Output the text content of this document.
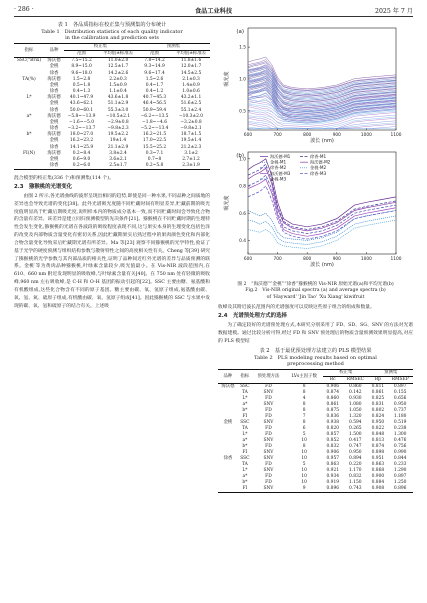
· 286 ·	食品工业科技	2025 年 7 月
表 1　各品质指标在校正集与预测集的分布统计
Table 1　Distribution statistics of each quality indicator
in the calibration and prediction sets
指标	品种	校正集		预测集	
		范围	平均值±标准差	范围	平均值±标准差
SSC(°Brix)	海沃德	7.5~15.2	11.0±2.0	7.8~14.2	11.8±1.6
	金桃	8.9~15.0	12.5±1.7	9.3~14.9	12.0±1.7
	徐香	9.6~18.0	14.2±2.6	9.6~17.4	14.5±2.5
TA(%)	海沃德	1.5~2.8	2.2±0.3	1.5~2.6	2.1±0.3
	金桃	0.5~1.8	1.5±0.9	0.4~1.7	1.4±0.9
	徐香	0.4~1.3	1.1±0.4	0.4~1.2	1.0±0.6
L*	海沃德	40.1~47.9	43.6±1.8	40.7~45.3	43.2±1.1
	金桃	43.6~62.1	51.1±2.9	46.4~56.5	51.6±2.5
	徐香	50.0~60.1	55.3±3.0	50.9~59.4	55.1±2.4
a*	海沃德	−5.8~−13.9	−10.5±2.1	−6.2~−13.5	−10.3±2.0
	金桃	−1.6~−5.0	−2.9±0.8	−1.8~−4.6	−3.2±0.8
	徐香	−3.2~−13.7	−9.8±2.3	−5.2~−13.4	−9.8±2.1
b*	海沃德	18.0~27.0	19.5±2.2	16.2~21.5	18.7±1.5
	金桃	16.2~23.2	19±1.4	17.0~22.5	19.5±1.4
	徐香	14.1~25.9	21.1±2.9	15.5~25.2	21.2±2.3
FI(N)	海沃德	0.2~8.4	3.8±2.4	0.3~7.1	3.1±2
	金桃	0.6~9.0	3.6±2.1	0.7~8	2.7±1.2
	徐香	0.2~6.0	2.5±1.7	0.2~5.8	2.3±1.9
混合模型的校正集(336 个)和预测集(114 个)。
2.3　猕猴桃的光谱变化

由图 2 所示,各光谱曲线的波形呈现出相同的趋势,即使是同一种水果,不同品种之间质地的差异也会导致光谱的变化[38]。此外光谱吸光度随不同贮藏时间有明显差异,贮藏前期的吸光度值明显高于贮藏后期吸光度,说明样本内的物质成分基本一致,而不同贮藏时间会导致化合物的含量有差异。该差异是建立同归预测模型的先决条件[21]。猕猴桃在不同贮藏时期的生理特性会发生变化,猕猴桃的光谱在各波段的吸收程度表现不同,这与果实本身的生理变化包括色泽的改变及内部物质含量变化有密切关系,因此贮藏期果实后熟过程中的果肉颜色变化和内部化合物含量变化导致采后贮藏期光谱有所差异。Ma 等[23] 观察不同猕猴桃的光学特性,验证了基于光学的硬度预测与组织结构参数与散射特性之间的高度相关性有关。Cheng 等[39] 研究了猕猴桃的光学参数与其内部品质的相关性,证明了品种间近红外光谱的差异与品质预测的联系。金桃′等为黄肉品种猕猴桃,叶绿素含量较少,吸光值最小。在 Vis-NIR 波段范围内,在 610、660 nm 附近发现明显的吸收峰,与叶绿素含量有关[40]。在 750 nm 处有轻微的吸收峰,960 nm 左右吸收峰,是 C-H 和 O-H 基团的振动引起的[22]。SSC 主要由糖、氨基酸和有机酸组成,这些化合物含有不同的原子基团。糖主要由碳、氧、氢原子组成,氨基酸由碳、氧、氢、氮、硫原子组成,有机酸由碳、氧、氢原子组成[41]。因此猕猴桃的 SSC 与水果中发现的碳、氧、氢和硫原子的结合有关。上述吸

(a)
吸光度
0.5
1.0
1.5
600	700	800	900	1000	1100
波长 (nm)
(b)
吸光度
0.4
0.6
0.8
1.0
600	700	800	900	1000	1100
波长 (nm)
海沃德-M1	徐香-M1
金桃-M1	海沃德-M2
徐香-M2	金桃-M2
海沃德-M3	徐香-M3
金桃-M3
图 2　“海沃德”“金桃”“徐香”猕猴桃的 Vis-NIR 原始光谱(a)和平均光谱(b)
Fig.2　Vis-NIR original spectra (a) and average spectra (b)
of 'Hayward' 'Jin Tao' 'Xu Xiang' kiwifruit
收峰及其附近波长范围内的光谱强度可以反映这些原子组合的组成和数量。
2.4　光谱预处理方式的选择

为了确定较好的光谱预处理方式,本研究分别采用了 FD、SD、SG、SNV 的方法对光谱数据建模。通过比较分析可得,经过 FD 和 SNV 预处理后的物质含量预测效果明显提高,对应的 PLS 模型结

表 2　基于最优预处理方法建立的 PLS 模型结果
Table 2　PLS modeling results based on optimal
preprocessing method
品种	指标	预处理方法	LVs主因子数	校正集		预测集	
				Rc	RMSEC	Rp	RMSEP
海沃德	SSC	FD	8	0.906	0.860	0.811	0.897
	TA	SNV	8	0.874	0.142	0.861	0.155
	L*	FD	4	0.860	0.930	0.825	0.656
	a*	SNV	8	0.861	1.080	0.831	0.950
	b*	FD	8	0.875	1.050	0.802	0.737
	FI	FD	7	0.836	1.320	0.824	1.180
金桃	SSC	SNV	8	0.938	0.594	0.950	0.519
	TA	FD	6	0.820	0.265	0.822	0.238
	L*	FD	5	0.857	1.500	0.848	1.300
	a*	SNV	10	0.852	0.417	0.813	0.476
	b*	FD	8	0.832	0.747	0.874	0.756
	FI	SNV	10	0.906	0.950	0.898	0.990
徐香	SSC	SNV	10	0.957	0.894	0.951	0.844
	TA	FD	5	0.863	0.220	0.863	0.233
	L*	SNV	10	0.921	1.170	0.868	1.290
	a*	FD	10	0.934	0.832	0.900	0.897
	b*	FD	10	0.919	1.150	0.884	1.250
	FI	SNV	9	0.896	0.743	0.908	0.896
